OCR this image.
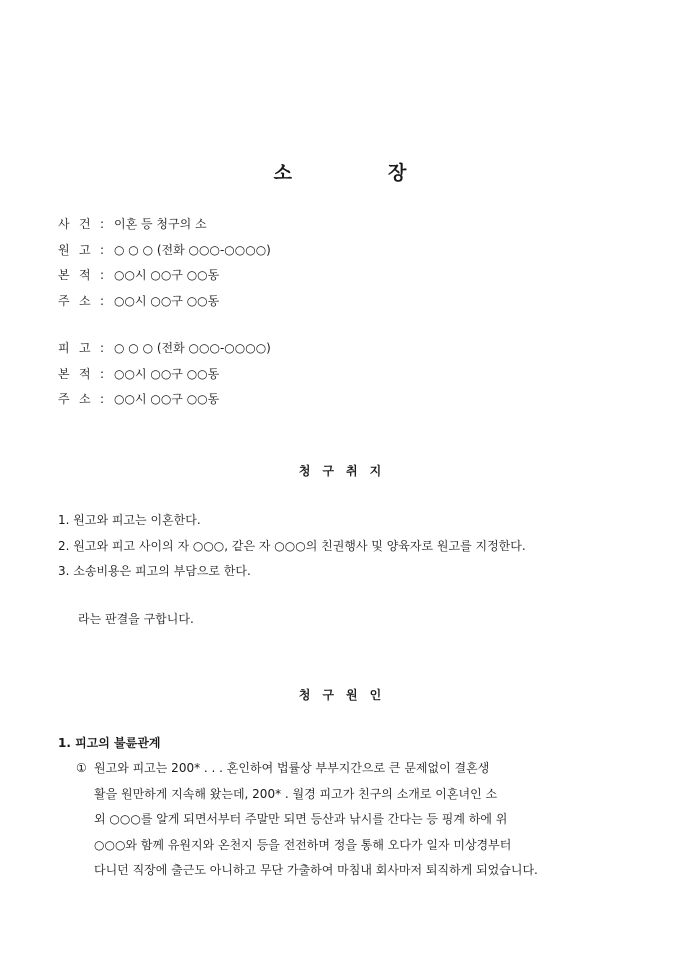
소	장
사 건 : 이혼 등 청구의 소
원 고 : ○ ○ ○ (전화 ○○○-○○○○)
본 적 : ○○시 ○○구 ○○동
주 소 : ○○시 ○○구 ○○동
피 고 : ○ ○ ○ (전화 ○○○-○○○○)
본 적 : ○○시 ○○구 ○○동
주 소 : ○○시 ○○구 ○○동
청 구 취 지
1. 원고와 피고는 이혼한다.
2. 원고와 피고 사이의 자 ○○○, 같은 자 ○○○의 친권행사 및 양육자로 원고를 지정한다.
3. 소송비용은 피고의 부담으로 한다.
라는 판결을 구합니다.
청 구 원 인
1. 피고의 불륜관계
① 원고와 피고는 200* . . . 혼인하여 법률상 부부지간으로 큰 문제없이 결혼생
활을 원만하게 지속해 왔는데, 200* . 월경 피고가 친구의 소개로 이혼녀인 소
외 ○○○를 알게 되면서부터 주말만 되면 등산과 낚시를 간다는 등 핑계 하에 위
○○○와 함께 유원지와 온천지 등을 전전하며 정을 통해 오다가 일자 미상경부터
다니던 직장에 출근도 아니하고 무단 가출하여 마침내 회사마저 퇴직하게 되었습니다.
